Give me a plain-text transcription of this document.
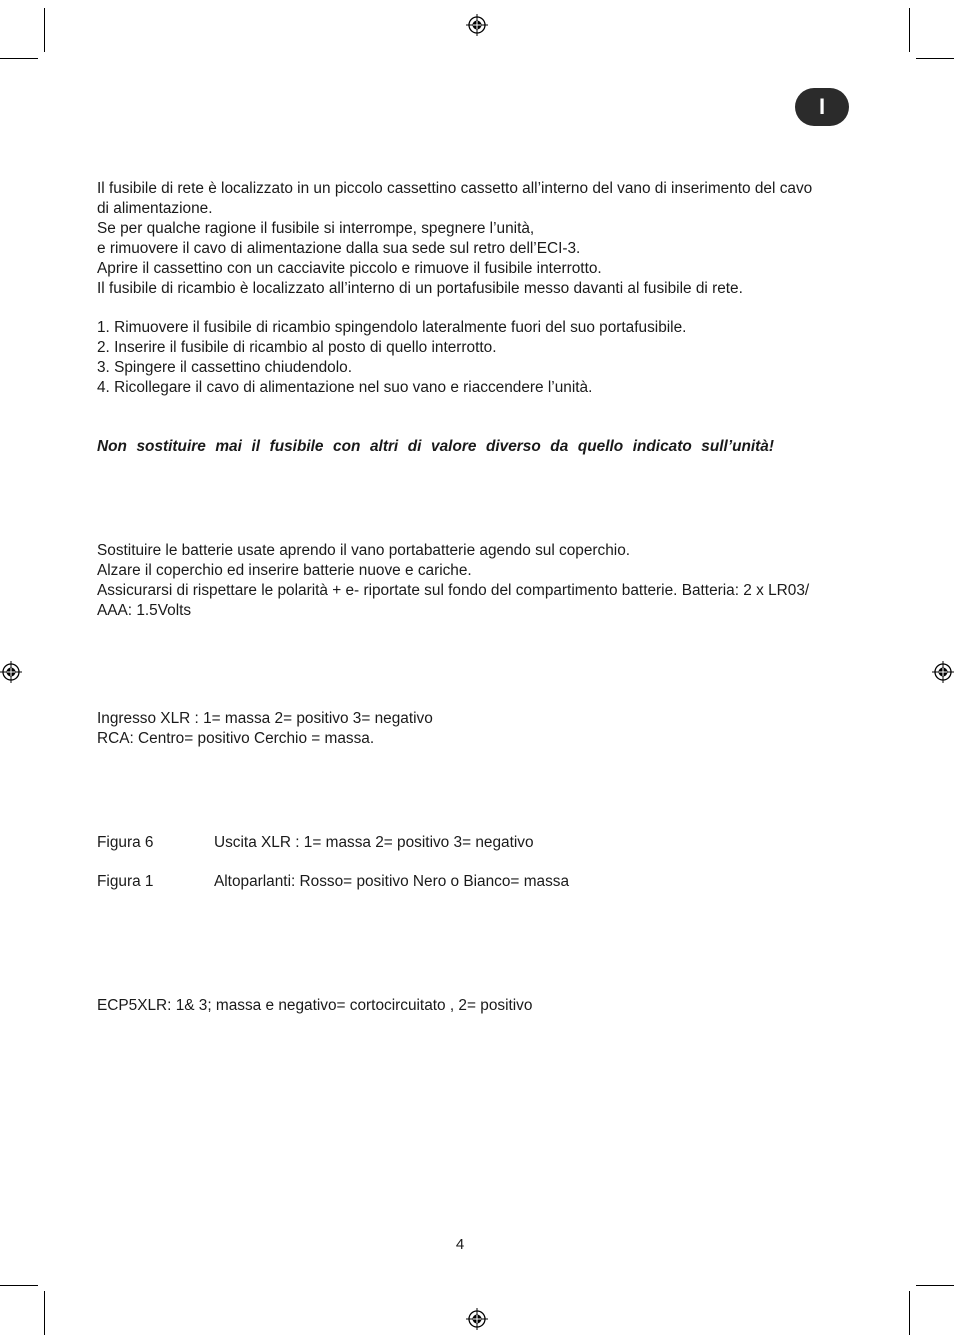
I

Il fusibile di rete è localizzato in un piccolo cassettino cassetto all’interno del vano di inserimento del cavo di alimentazione.

Se per qualche ragione il fusibile si interrompe, spegnere l’unità,

e rimuovere il cavo di alimentazione dalla sua sede sul retro dell’ECI-3.

Aprire il cassettino con un cacciavite piccolo e rimuove il fusibile interrotto.

Il fusibile di ricambio è localizzato all’interno di un portafusibile messo davanti al fusibile di rete.

1. Rimuovere il fusibile di ricambio spingendolo lateralmente fuori del suo portafusibile.

2. Inserire il fusibile di ricambio al posto di quello interrotto.

3. Spingere il cassettino chiudendolo.

4. Ricollegare il cavo di alimentazione nel suo vano e riaccendere l’unità.

Non sostituire mai il fusibile con altri di valore diverso da quello indicato sull’unità!

Sostituire le batterie usate aprendo il vano portabatterie agendo sul coperchio.

Alzare il coperchio ed inserire batterie nuove e cariche.

Assicurarsi di rispettare le polarità + e- riportate sul fondo del compartimento batterie. Batteria: 2 x LR03/ AAA: 1.5Volts

Ingresso XLR : 1= massa 2= positivo 3= negativo

RCA: Centro= positivo Cerchio = massa.

Figura 6	Uscita XLR : 1= massa 2= positivo 3= negativo
Figura 1	Altoparlanti: Rosso= positivo Nero o Bianco= massa
ECP5XLR: 1& 3; massa e negativo= cortocircuitato , 2= positivo
4
